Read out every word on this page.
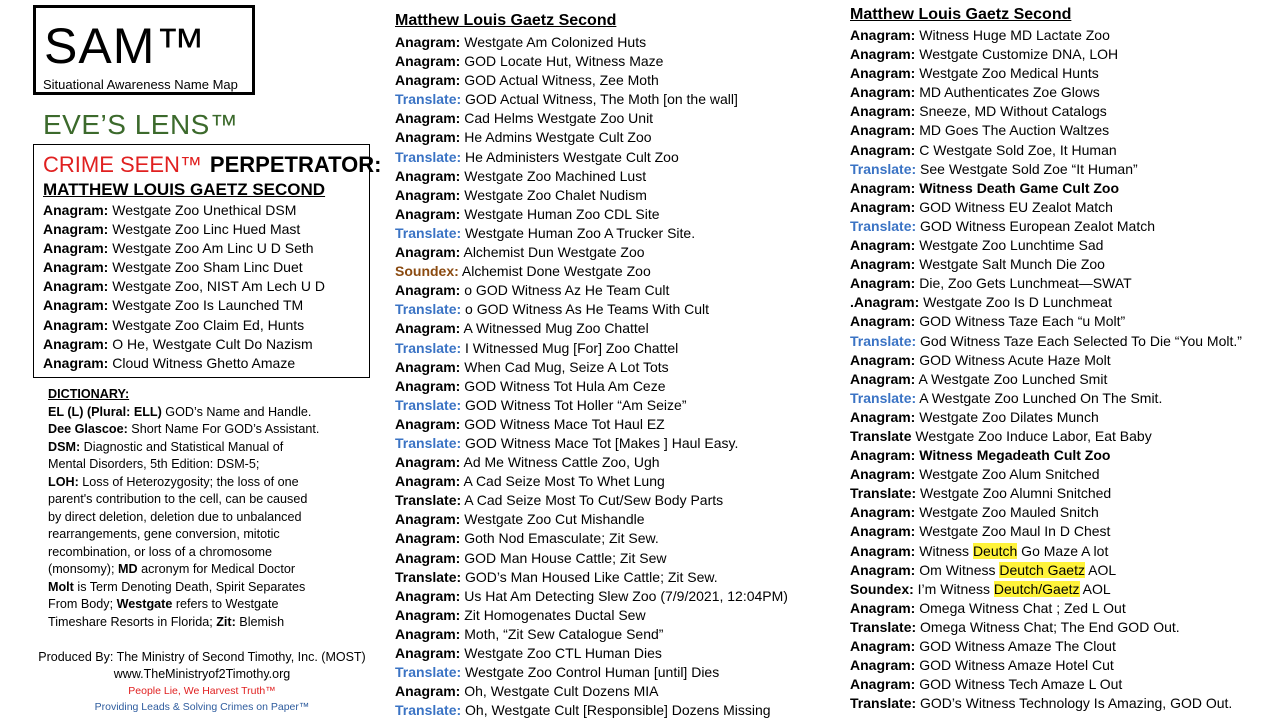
SAM™
Situational Awareness Name Map
EVE’S LENS™
CRIME SEEN™ PERPETRATOR:
MATTHEW LOUIS GAETZ SECOND
Anagram: Westgate Zoo Unethical DSM
Anagram: Westgate Zoo Linc Hued Mast
Anagram: Westgate Zoo Am Linc U D Seth
Anagram: Westgate Zoo Sham Linc Duet
Anagram: Westgate Zoo, NIST Am Lech U D
Anagram: Westgate Zoo Is Launched TM
Anagram: Westgate Zoo Claim Ed, Hunts
Anagram: O He, Westgate Cult Do Nazism
Anagram: Cloud Witness Ghetto Amaze
DICTIONARY:
EL (L) (Plural: ELL) GOD’s Name and Handle.
Dee Glascoe: Short Name For GOD’s Assistant.
DSM: Diagnostic and Statistical Manual of
Mental Disorders, 5th Edition: DSM-5;
LOH: Loss of Heterozygosity; the loss of one
parent's contribution to the cell, can be caused
by direct deletion, deletion due to unbalanced
rearrangements, gene conversion, mitotic
recombination, or loss of a chromosome
(monsomy); MD acronym for Medical Doctor
Molt is Term Denoting Death, Spirit Separates
From Body; Westgate refers to Westgate
Timeshare Resorts in Florida; Zit: Blemish
Produced By: The Ministry of Second Timothy, Inc. (MOST)
www.TheMinistryof2Timothy.org
People Lie, We Harvest Truth™
Providing Leads & Solving Crimes on Paper™
Matthew Louis Gaetz Second
Anagram: Westgate Am Colonized Huts
Anagram: GOD Locate Hut, Witness Maze
Anagram: GOD Actual Witness, Zee Moth
Translate: GOD Actual Witness, The Moth [on the wall]
Anagram: Cad Helms Westgate Zoo Unit
Anagram: He Admins Westgate Cult Zoo
Translate: He Administers Westgate Cult Zoo
Anagram: Westgate Zoo Machined Lust
Anagram: Westgate Zoo Chalet Nudism
Anagram: Westgate Human Zoo CDL Site
Translate: Westgate Human Zoo A Trucker Site.
Anagram: Alchemist Dun Westgate Zoo
Soundex: Alchemist Done Westgate Zoo
Anagram: o GOD Witness Az He Team Cult
Translate: o GOD Witness As He Teams With Cult
Anagram: A Witnessed Mug Zoo Chattel
Translate: I Witnessed Mug [For] Zoo Chattel
Anagram: When Cad Mug, Seize A Lot Tots
Anagram: GOD Witness Tot Hula Am Ceze
Translate: GOD Witness Tot Holler “Am Seize”
Anagram: GOD Witness Mace Tot Haul EZ
Translate: GOD Witness Mace Tot [Makes ] Haul Easy.
Anagram: Ad Me Witness Cattle Zoo, Ugh
Anagram: A Cad Seize Most To Whet Lung
Translate: A Cad Seize Most To Cut/Sew Body Parts
Anagram: Westgate Zoo Cut Mishandle
Anagram: Goth Nod Emasculate; Zit Sew.
Anagram: GOD Man House Cattle; Zit Sew
Translate: GOD’s Man Housed Like Cattle; Zit Sew.
Anagram: Us Hat Am Detecting Slew Zoo (7/9/2021, 12:04PM)
Anagram: Zit Homogenates Ductal Sew
Anagram: Moth, “Zit Sew Catalogue Send”
Anagram: Westgate Zoo CTL Human Dies
Translate: Westgate Zoo Control Human [until] Dies
Anagram: Oh, Westgate Cult Dozens MIA
Translate: Oh, Westgate Cult [Responsible] Dozens Missing
Matthew Louis Gaetz Second
Anagram: Witness Huge MD Lactate Zoo
Anagram: Westgate Customize DNA, LOH
Anagram: Westgate Zoo Medical Hunts
Anagram: MD Authenticates Zoe Glows
Anagram: Sneeze, MD Without Catalogs
Anagram: MD Goes The Auction Waltzes
Anagram: C Westgate Sold Zoe, It Human
Translate: See Westgate Sold Zoe “It Human”
Anagram: Witness Death Game Cult Zoo
Anagram: GOD Witness EU Zealot Match
Translate: GOD Witness European Zealot Match
Anagram: Westgate Zoo Lunchtime Sad
Anagram: Westgate Salt Munch Die Zoo
Anagram: Die, Zoo Gets Lunchmeat—SWAT
.Anagram: Westgate Zoo Is D Lunchmeat
Anagram: GOD Witness Taze Each “u Molt”
Translate: God Witness Taze Each Selected To Die “You Molt.”
Anagram: GOD Witness Acute Haze Molt
Anagram: A Westgate Zoo Lunched Smit
Translate: A Westgate Zoo Lunched On The Smit.
Anagram: Westgate Zoo Dilates Munch
Translate Westgate Zoo Induce Labor, Eat Baby
Anagram: Witness Megadeath Cult Zoo
Anagram: Westgate Zoo Alum Snitched
Translate: Westgate Zoo Alumni Snitched
Anagram: Westgate Zoo Mauled Snitch
Anagram: Westgate Zoo Maul In D Chest
Anagram: Witness Deutch Go Maze A lot
Anagram: Om Witness Deutch Gaetz AOL
Soundex: I’m Witness Deutch/Gaetz AOL
Anagram: Omega Witness Chat ; Zed L Out
Translate: Omega Witness Chat; The End GOD Out.
Anagram: GOD Witness Amaze The Clout
Anagram: GOD Witness Amaze Hotel Cut
Anagram: GOD Witness Tech Amaze L Out
Translate: GOD’s Witness Technology Is Amazing, GOD Out.
